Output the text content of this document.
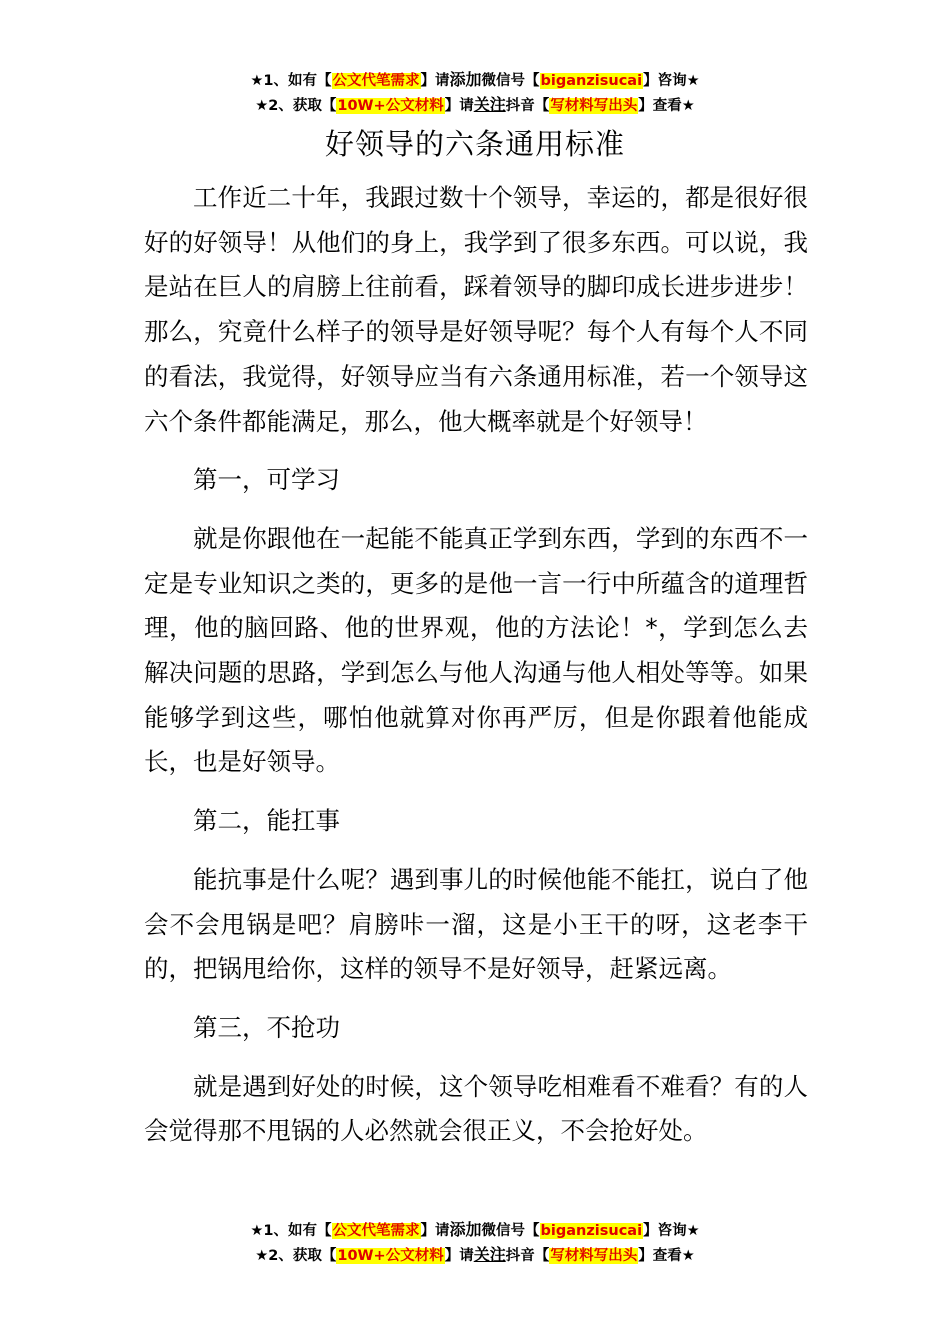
★1、如有【公文代笔需求】请添加微信号【biganzisucai】咨询★
★2、获取【10W+公文材料】请关注抖音【写材料写出头】查看★
好领导的六条通用标准

工作近二十年，我跟过数十个领导，幸运的，都是很好很好的好领导！从他们的身上，我学到了很多东西。可以说，我是站在巨人的肩膀上往前看，踩着领导的脚印成长进步进步！那么，究竟什么样子的领导是好领导呢？每个人有每个人不同的看法，我觉得，好领导应当有六条通用标准，若一个领导这六个条件都能满足，那么，他大概率就是个好领导！

第一，可学习

就是你跟他在一起能不能真正学到东西，学到的东西不一定是专业知识之类的，更多的是他一言一行中所蕴含的道理哲理，他的脑回路、他的世界观，他的方法论！*，学到怎么去解决问题的思路，学到怎么与他人沟通与他人相处等等。如果能够学到这些，哪怕他就算对你再严厉，但是你跟着他能成长，也是好领导。

第二，能扛事

能抗事是什么呢？遇到事儿的时候他能不能扛，说白了他会不会甩锅是吧？肩膀咔一溜，这是小王干的呀，这老李干的，把锅甩给你，这样的领导不是好领导，赶紧远离。

第三，不抢功

就是遇到好处的时候，这个领导吃相难看不难看？有的人会觉得那不甩锅的人必然就会很正义，不会抢好处。

★1、如有【公文代笔需求】请添加微信号【biganzisucai】咨询★
★2、获取【10W+公文材料】请关注抖音【写材料写出头】查看★
